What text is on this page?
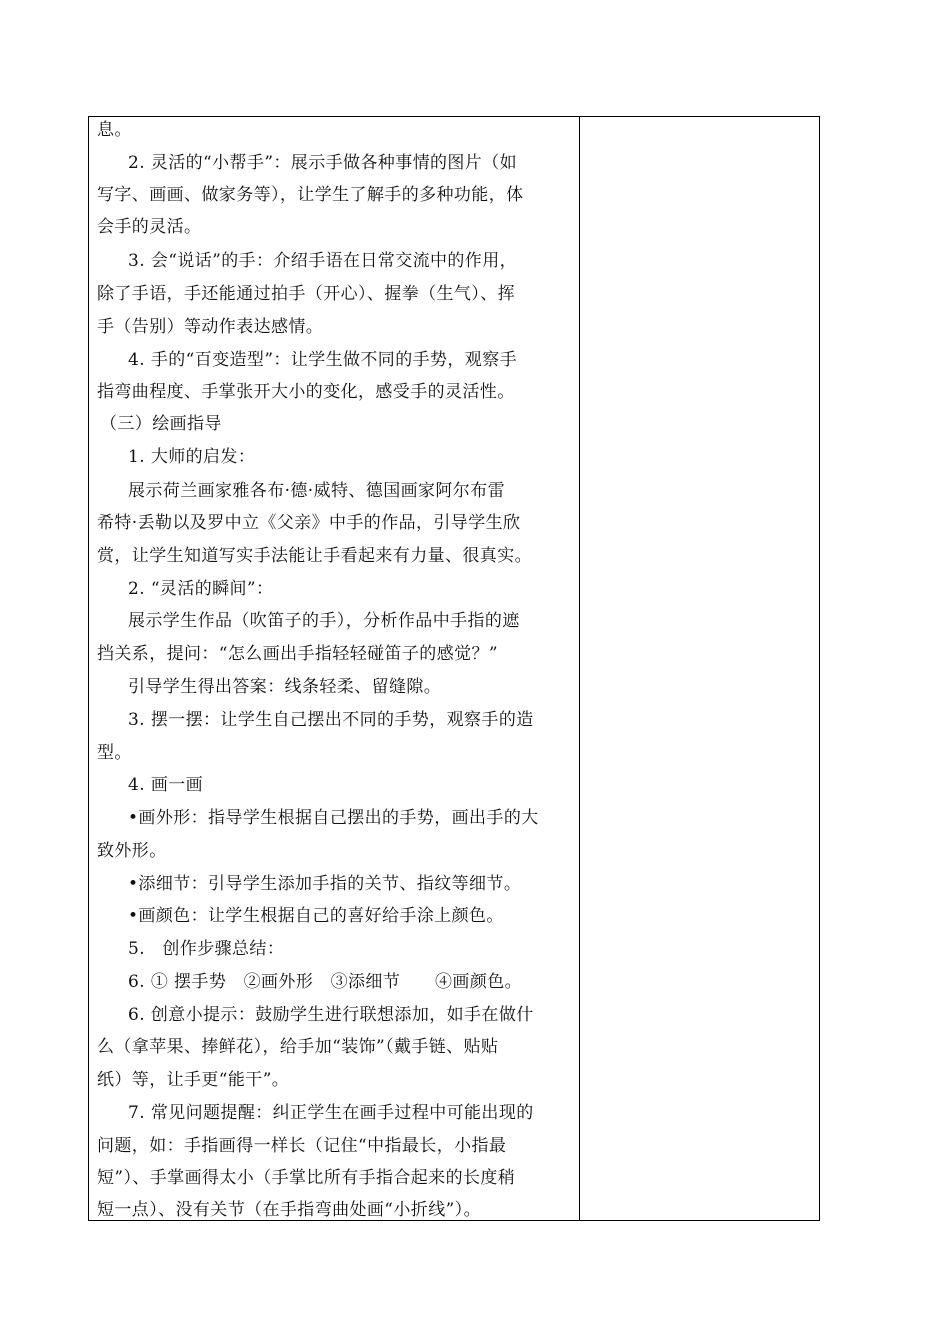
息。
2. 灵活的“小帮手”：展示手做各种事情的图片（如
写字、画画、做家务等），让学生了解手的多种功能，体
会手的灵活。
3. 会“说话”的手：介绍手语在日常交流中的作用，
除了手语，手还能通过拍手（开心）、握拳（生气）、挥
手（告别）等动作表达感情。
4. 手的“百变造型”：让学生做不同的手势，观察手
指弯曲程度、手掌张开大小的变化，感受手的灵活性。
（三）绘画指导
1. 大师的启发：
展示荷兰画家雅各布·德·威特、德国画家阿尔布雷
希特·丢勒以及罗中立《父亲》中手的作品，引导学生欣
赏，让学生知道写实手法能让手看起来有力量、很真实。
2. “灵活的瞬间”：
展示学生作品（吹笛子的手），分析作品中手指的遮
挡关系，提问：“怎么画出手指轻轻碰笛子的感觉？”
引导学生得出答案：线条轻柔、留缝隙。
3. 摆一摆：让学生自己摆出不同的手势，观察手的造
型。
4. 画一画
•画外形：指导学生根据自己摆出的手势，画出手的大
致外形。
•添细节：引导学生添加手指的关节、指纹等细节。
•画颜色：让学生根据自己的喜好给手涂上颜色。
5.　创作步骤总结：
6. ① 摆手势　②画外形　③添细节　　④画颜色。
6. 创意小提示：鼓励学生进行联想添加，如手在做什
么（拿苹果、捧鲜花），给手加“装饰”（戴手链、贴贴
纸）等，让手更“能干”。
7. 常见问题提醒：纠正学生在画手过程中可能出现的
问题，如：手指画得一样长（记住“中指最长，小指最
短”）、手掌画得太小（手掌比所有手指合起来的长度稍
短一点）、没有关节（在手指弯曲处画“小折线”）。
